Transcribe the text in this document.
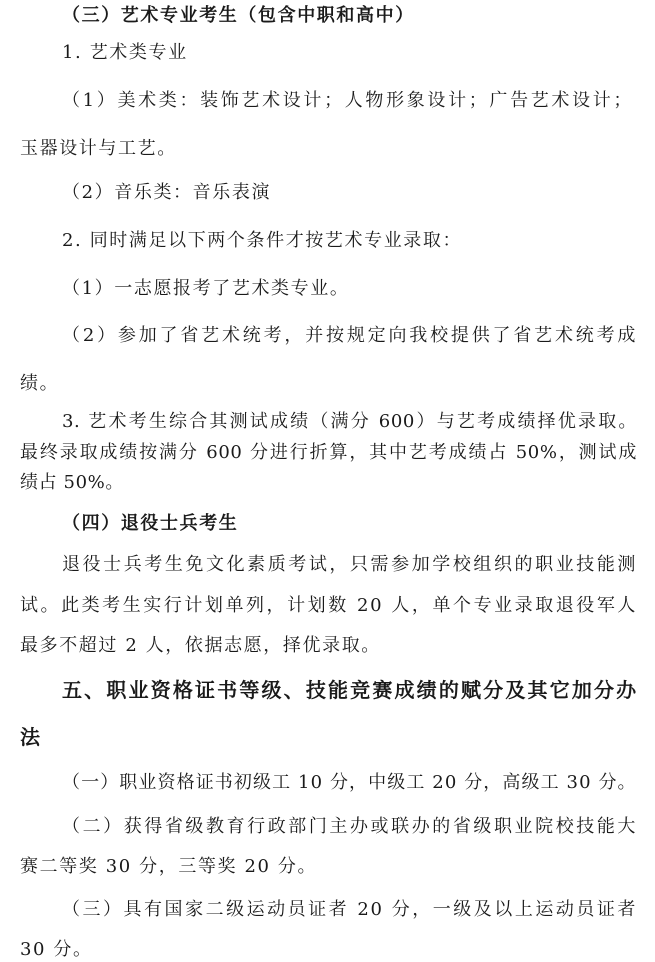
（三）艺术专业考生（包含中职和高中）
1. 艺术类专业
（1）美术类：装饰艺术设计；人物形象设计；广告艺术设计；
玉器设计与工艺。
（2）音乐类：音乐表演
2. 同时满足以下两个条件才按艺术专业录取：
（1）一志愿报考了艺术类专业。
（2）参加了省艺术统考，并按规定向我校提供了省艺术统考成
绩。
3. 艺术考生综合其测试成绩（满分 600）与艺考成绩择优录取。
最终录取成绩按满分 600 分进行折算，其中艺考成绩占 50%，测试成
绩占 50%。
（四）退役士兵考生
退役士兵考生免文化素质考试，只需参加学校组织的职业技能测
试。此类考生实行计划单列，计划数 20 人，单个专业录取退役军人
最多不超过 2 人，依据志愿，择优录取。
五、职业资格证书等级、技能竞赛成绩的赋分及其它加分办
法
（一）职业资格证书初级工 10 分，中级工 20 分，高级工 30 分。
（二）获得省级教育行政部门主办或联办的省级职业院校技能大
赛二等奖 30 分，三等奖 20 分。
（三）具有国家二级运动员证者 20 分，一级及以上运动员证者
30 分。
